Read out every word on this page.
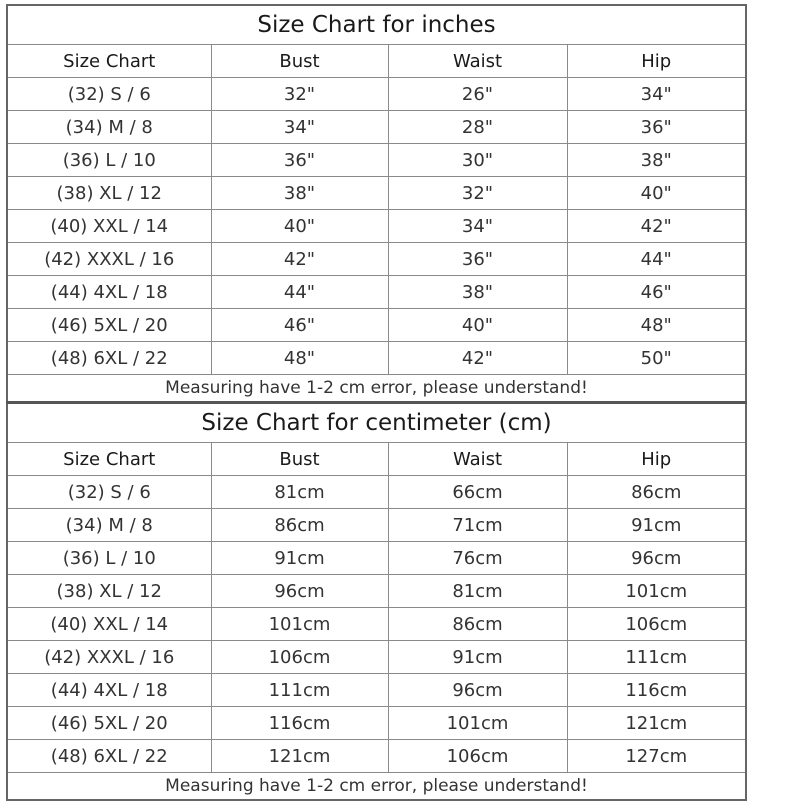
Size Chart for inches			
Size Chart	Bust	Waist	Hip
(32) S / 6	32"	26"	34"
(34) M / 8	34"	28"	36"
(36) L / 10	36"	30"	38"
(38) XL / 12	38"	32"	40"
(40) XXL / 14	40"	34"	42"
(42) XXXL / 16	42"	36"	44"
(44) 4XL / 18	44"	38"	46"
(46) 5XL / 20	46"	40"	48"
(48) 6XL / 22	48"	42"	50"
Measuring have 1-2 cm error, please understand!			
Size Chart for centimeter (cm)			
Size Chart	Bust	Waist	Hip
(32) S / 6	81cm	66cm	86cm
(34) M / 8	86cm	71cm	91cm
(36) L / 10	91cm	76cm	96cm
(38) XL / 12	96cm	81cm	101cm
(40) XXL / 14	101cm	86cm	106cm
(42) XXXL / 16	106cm	91cm	111cm
(44) 4XL / 18	111cm	96cm	116cm
(46) 5XL / 20	116cm	101cm	121cm
(48) 6XL / 22	121cm	106cm	127cm
Measuring have 1-2 cm error, please understand!			
